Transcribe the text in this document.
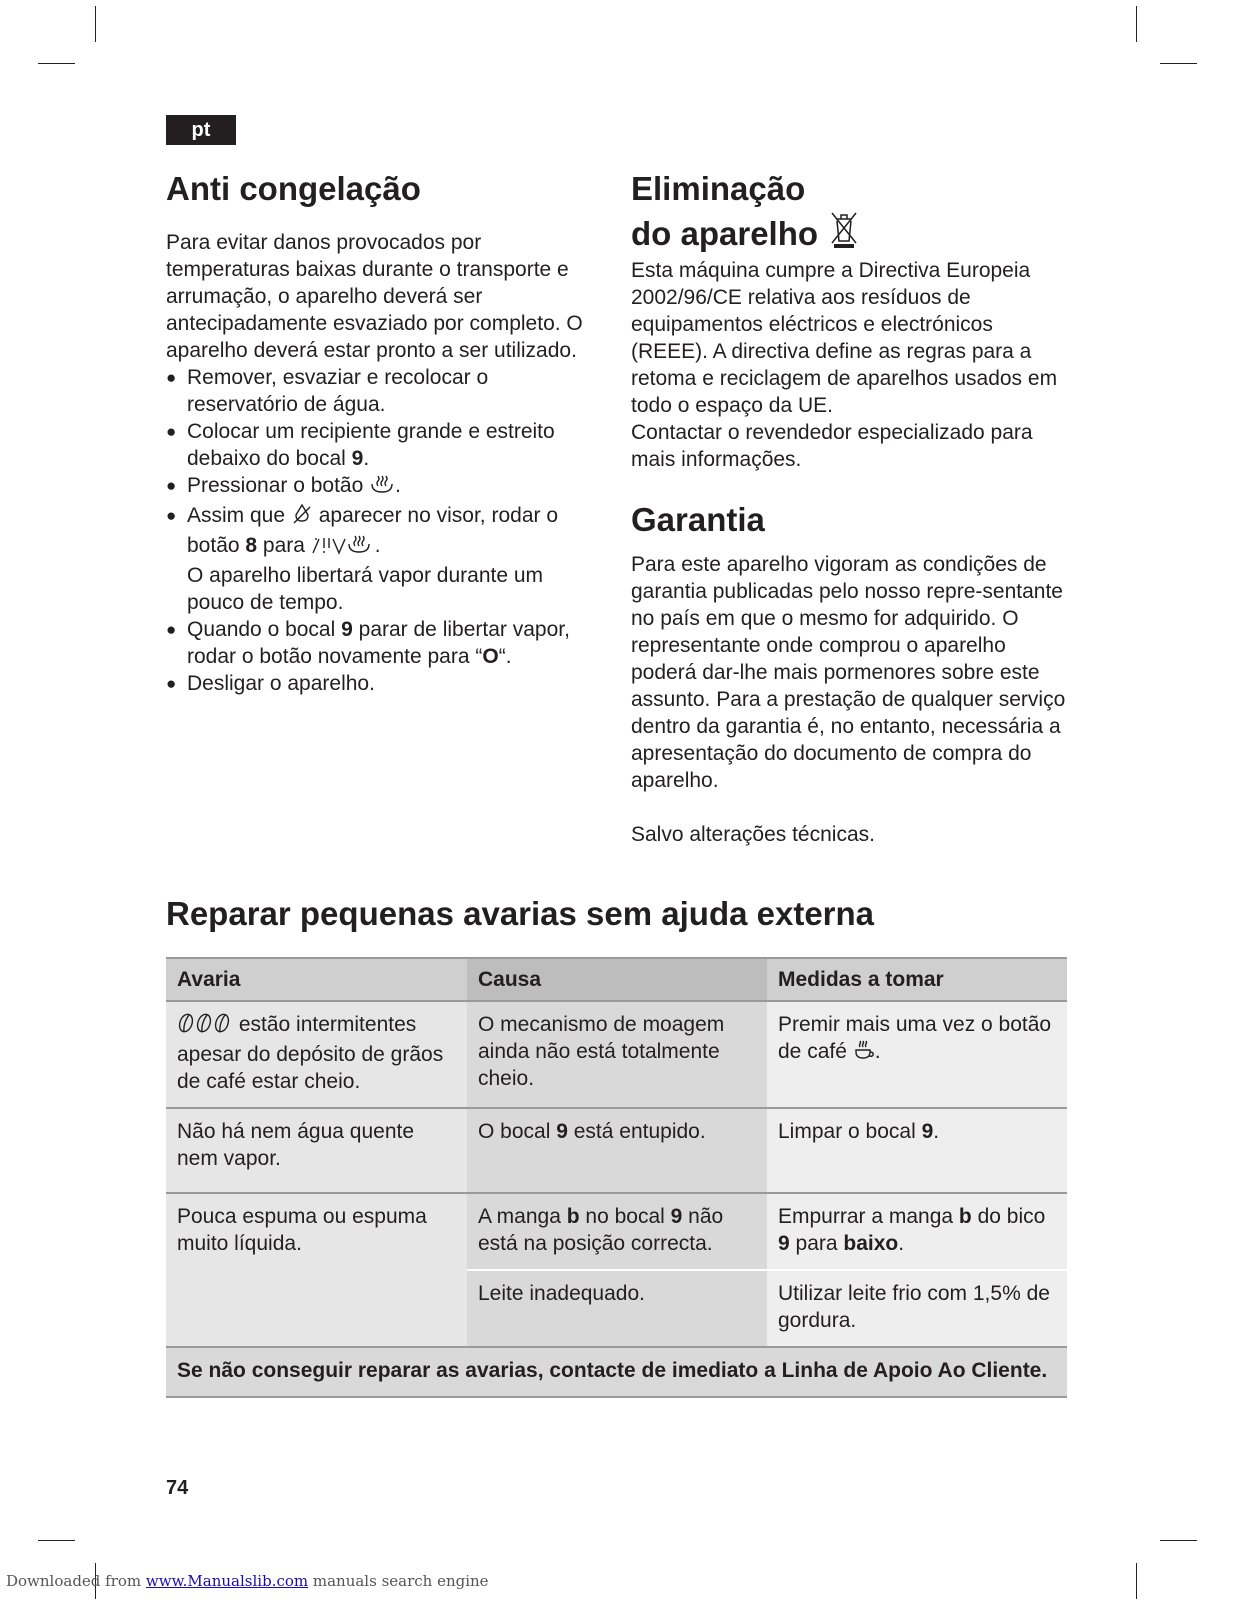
pt
Anti congelação

Para evitar danos provocados por temperaturas baixas durante o transporte e arrumação, o aparelho deverá ser antecipadamente esvaziado por completo. O aparelho deverá estar pronto a ser utilizado.

● Remover, esvaziar e recolocar o reservatório de água.
● Colocar um recipiente grande e estreito debaixo do bocal 9.
● Pressionar o botão .
● Assim que  aparecer no visor, rodar o botão 8 para	.
O aparelho libertará vapor durante um pouco de tempo.
● Quando o bocal 9 parar de libertar vapor, rodar o botão novamente para “O“.
● Desligar o aparelho.
Eliminação
do aparelho

Esta máquina cumpre a Directiva Europeia 2002/96/CE relativa aos resíduos de equipamentos eléctricos e electrónicos (REEE). A directiva define as regras para a retoma e reciclagem de aparelhos usados em todo o espaço da UE.

Contactar o revendedor especializado para mais informações.

Garantia

Para este aparelho vigoram as condições de garantia publicadas pelo nosso repre-sentante no país em que o mesmo for adquirido. O representante onde comprou o aparelho poderá dar-lhe mais pormenores sobre este assunto. Para a prestação de qualquer serviço dentro da garantia é, no entanto, necessária a apresentação do documento de compra do aparelho.

Salvo alterações técnicas.

Reparar pequenas avarias sem ajuda externa
Avaria	Causa	Medidas a tomar
estão intermitentes apesar do depósito de grãos de café estar cheio.	O mecanismo de moagem ainda não está totalmente cheio.	Premir mais uma vez o botão de café .
Não há nem água quente nem vapor.	O bocal 9 está entupido.	Limpar o bocal 9.
Pouca espuma ou espuma muito líquida.	A manga b no bocal 9 não está na posição correcta.	Empurrar a manga b do bico 9 para baixo.
	Leite inadequado.	Utilizar leite frio com 1,5% de gordura.
Se não conseguir reparar as avarias, contacte de imediato a Linha de Apoio Ao Cliente.		
74
Downloaded from www.Manualslib.com manuals search engine
